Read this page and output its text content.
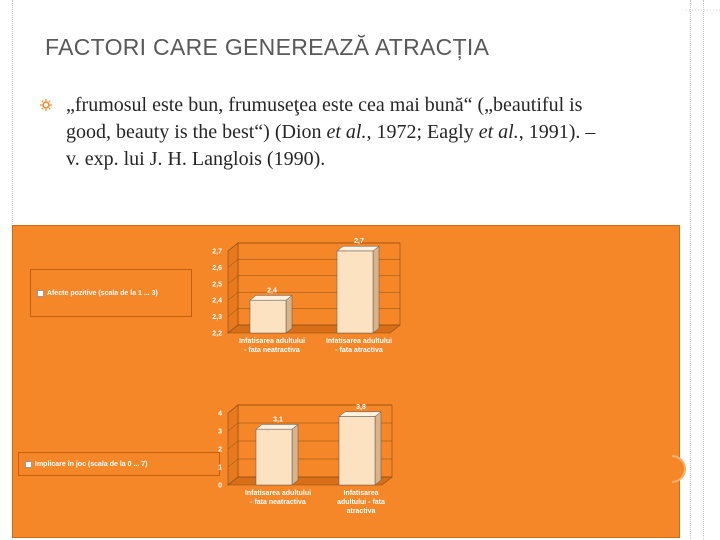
FACTORI CARE GENEREAZĂ ATRACȚIA
„frumosul este bun, frumuseţea este cea mai bună“ („beautiful is good, beauty is the best“) (Dion et al., 1972; Eagly et al., 1991). – v. exp. lui J. H. Langlois (1990).
Afecte pozitive (scala de la 1 ... 3)
Implicare în joc (scala de la 0 ... 7)
2,2
2,3
2,4
2,5
2,6
2,7
2,4
Infatisarea adultului
- fata neatractiva
2,7
Infatisarea adultului
- fata atractiva
0
1
2
3
4
3,1
Infatisarea adultului
- fata neatractiva
3,8
Infatisarea
adultului - fata
atractiva
